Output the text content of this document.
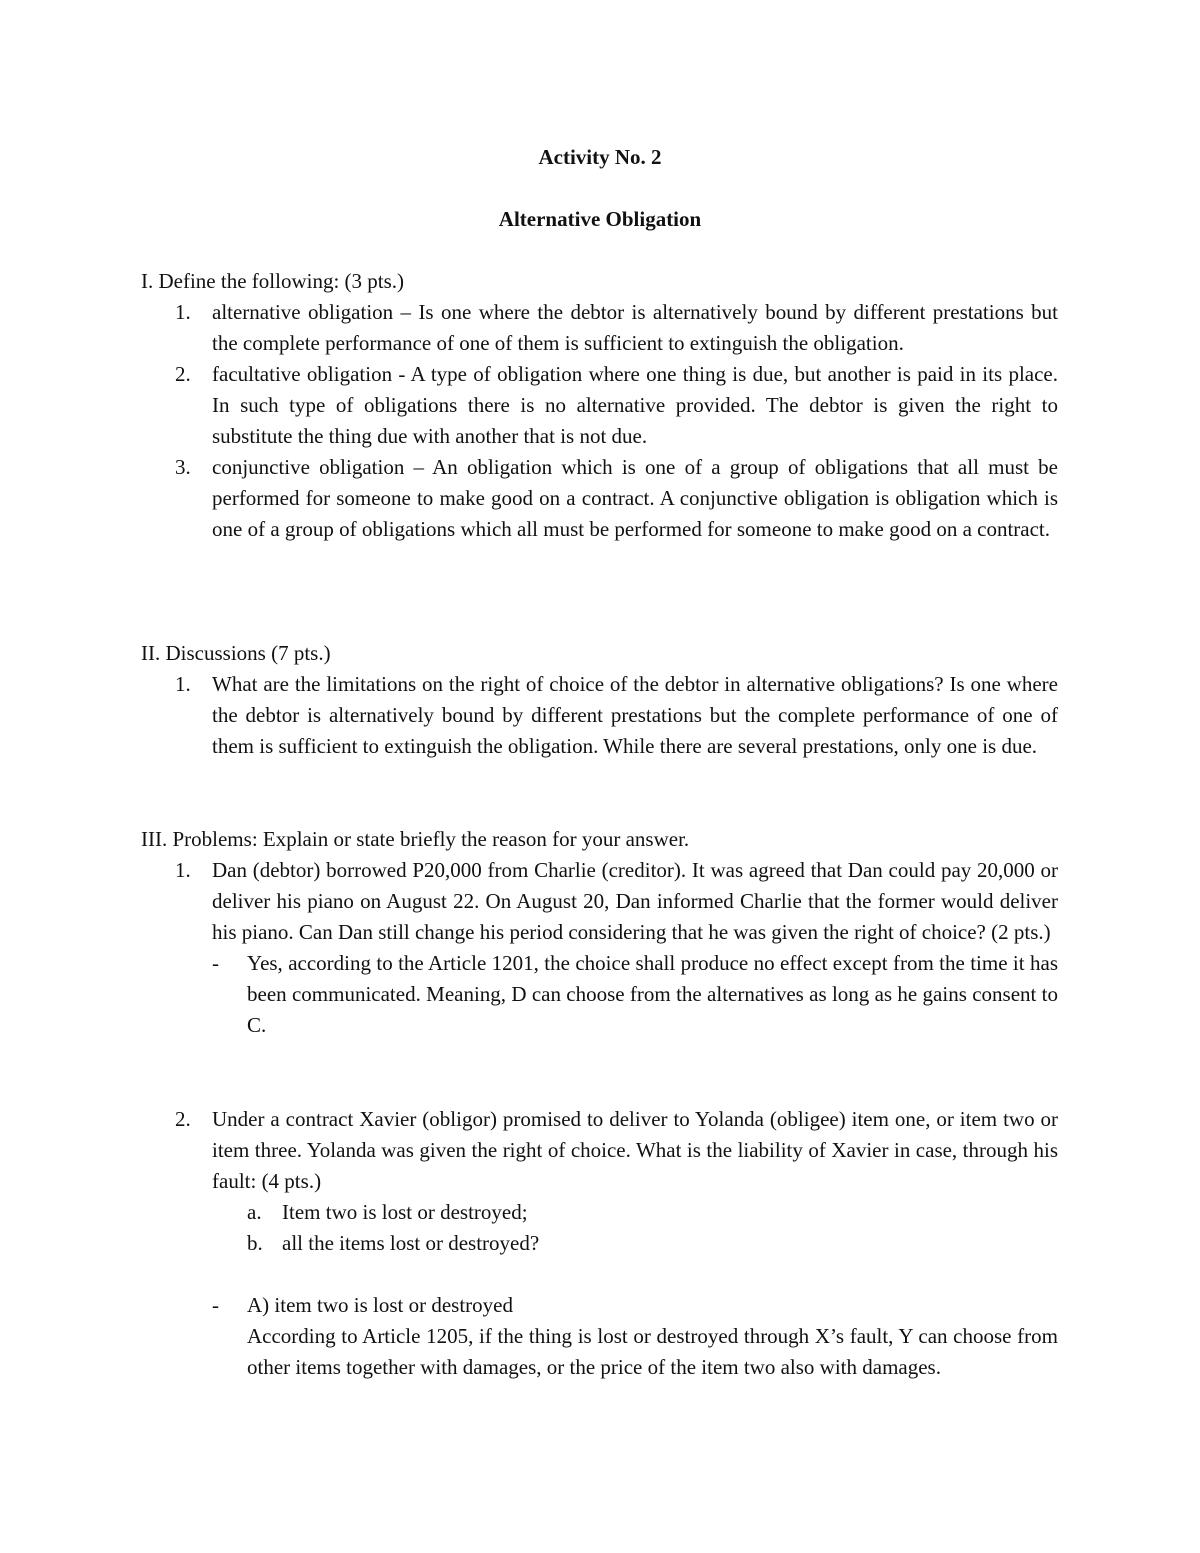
Activity No. 2

Alternative Obligation

I. Define the following: (3 pts.)

1. alternative obligation – Is one where the debtor is alternatively bound by different prestations but the complete performance of one of them is sufficient to extinguish the obligation.

2. facultative obligation - A type of obligation where one thing is due, but another is paid in its place. In such type of obligations there is no alternative provided. The debtor is given the right to substitute the thing due with another that is not due.

3. conjunctive obligation – An obligation which is one of a group of obligations that all must be performed for someone to make good on a contract. A conjunctive obligation is obligation which is one of a group of obligations which all must be performed for someone to make good on a contract.

II. Discussions (7 pts.)

1. What are the limitations on the right of choice of the debtor in alternative obligations? Is one where the debtor is alternatively bound by different prestations but the complete performance of one of them is sufficient to extinguish the obligation. While there are several prestations, only one is due.

III. Problems: Explain or state briefly the reason for your answer.

1. Dan (debtor) borrowed P20,000 from Charlie (creditor). It was agreed that Dan could pay 20,000 or deliver his piano on August 22. On August 20, Dan informed Charlie that the former would deliver his piano. Can Dan still change his period considering that he was given the right of choice? (2 pts.)

- Yes, according to the Article 1201, the choice shall produce no effect except from the time it has been communicated. Meaning, D can choose from the alternatives as long as he gains consent to C.

2. Under a contract Xavier (obligor) promised to deliver to Yolanda (obligee) item one, or item two or item three. Yolanda was given the right of choice. What is the liability of Xavier in case, through his fault: (4 pts.)

a. Item two is lost or destroyed;

b. all the items lost or destroyed?

- A) item two is lost or destroyed

According to Article 1205, if the thing is lost or destroyed through X’s fault, Y can choose from other items together with damages, or the price of the item two also with damages.
